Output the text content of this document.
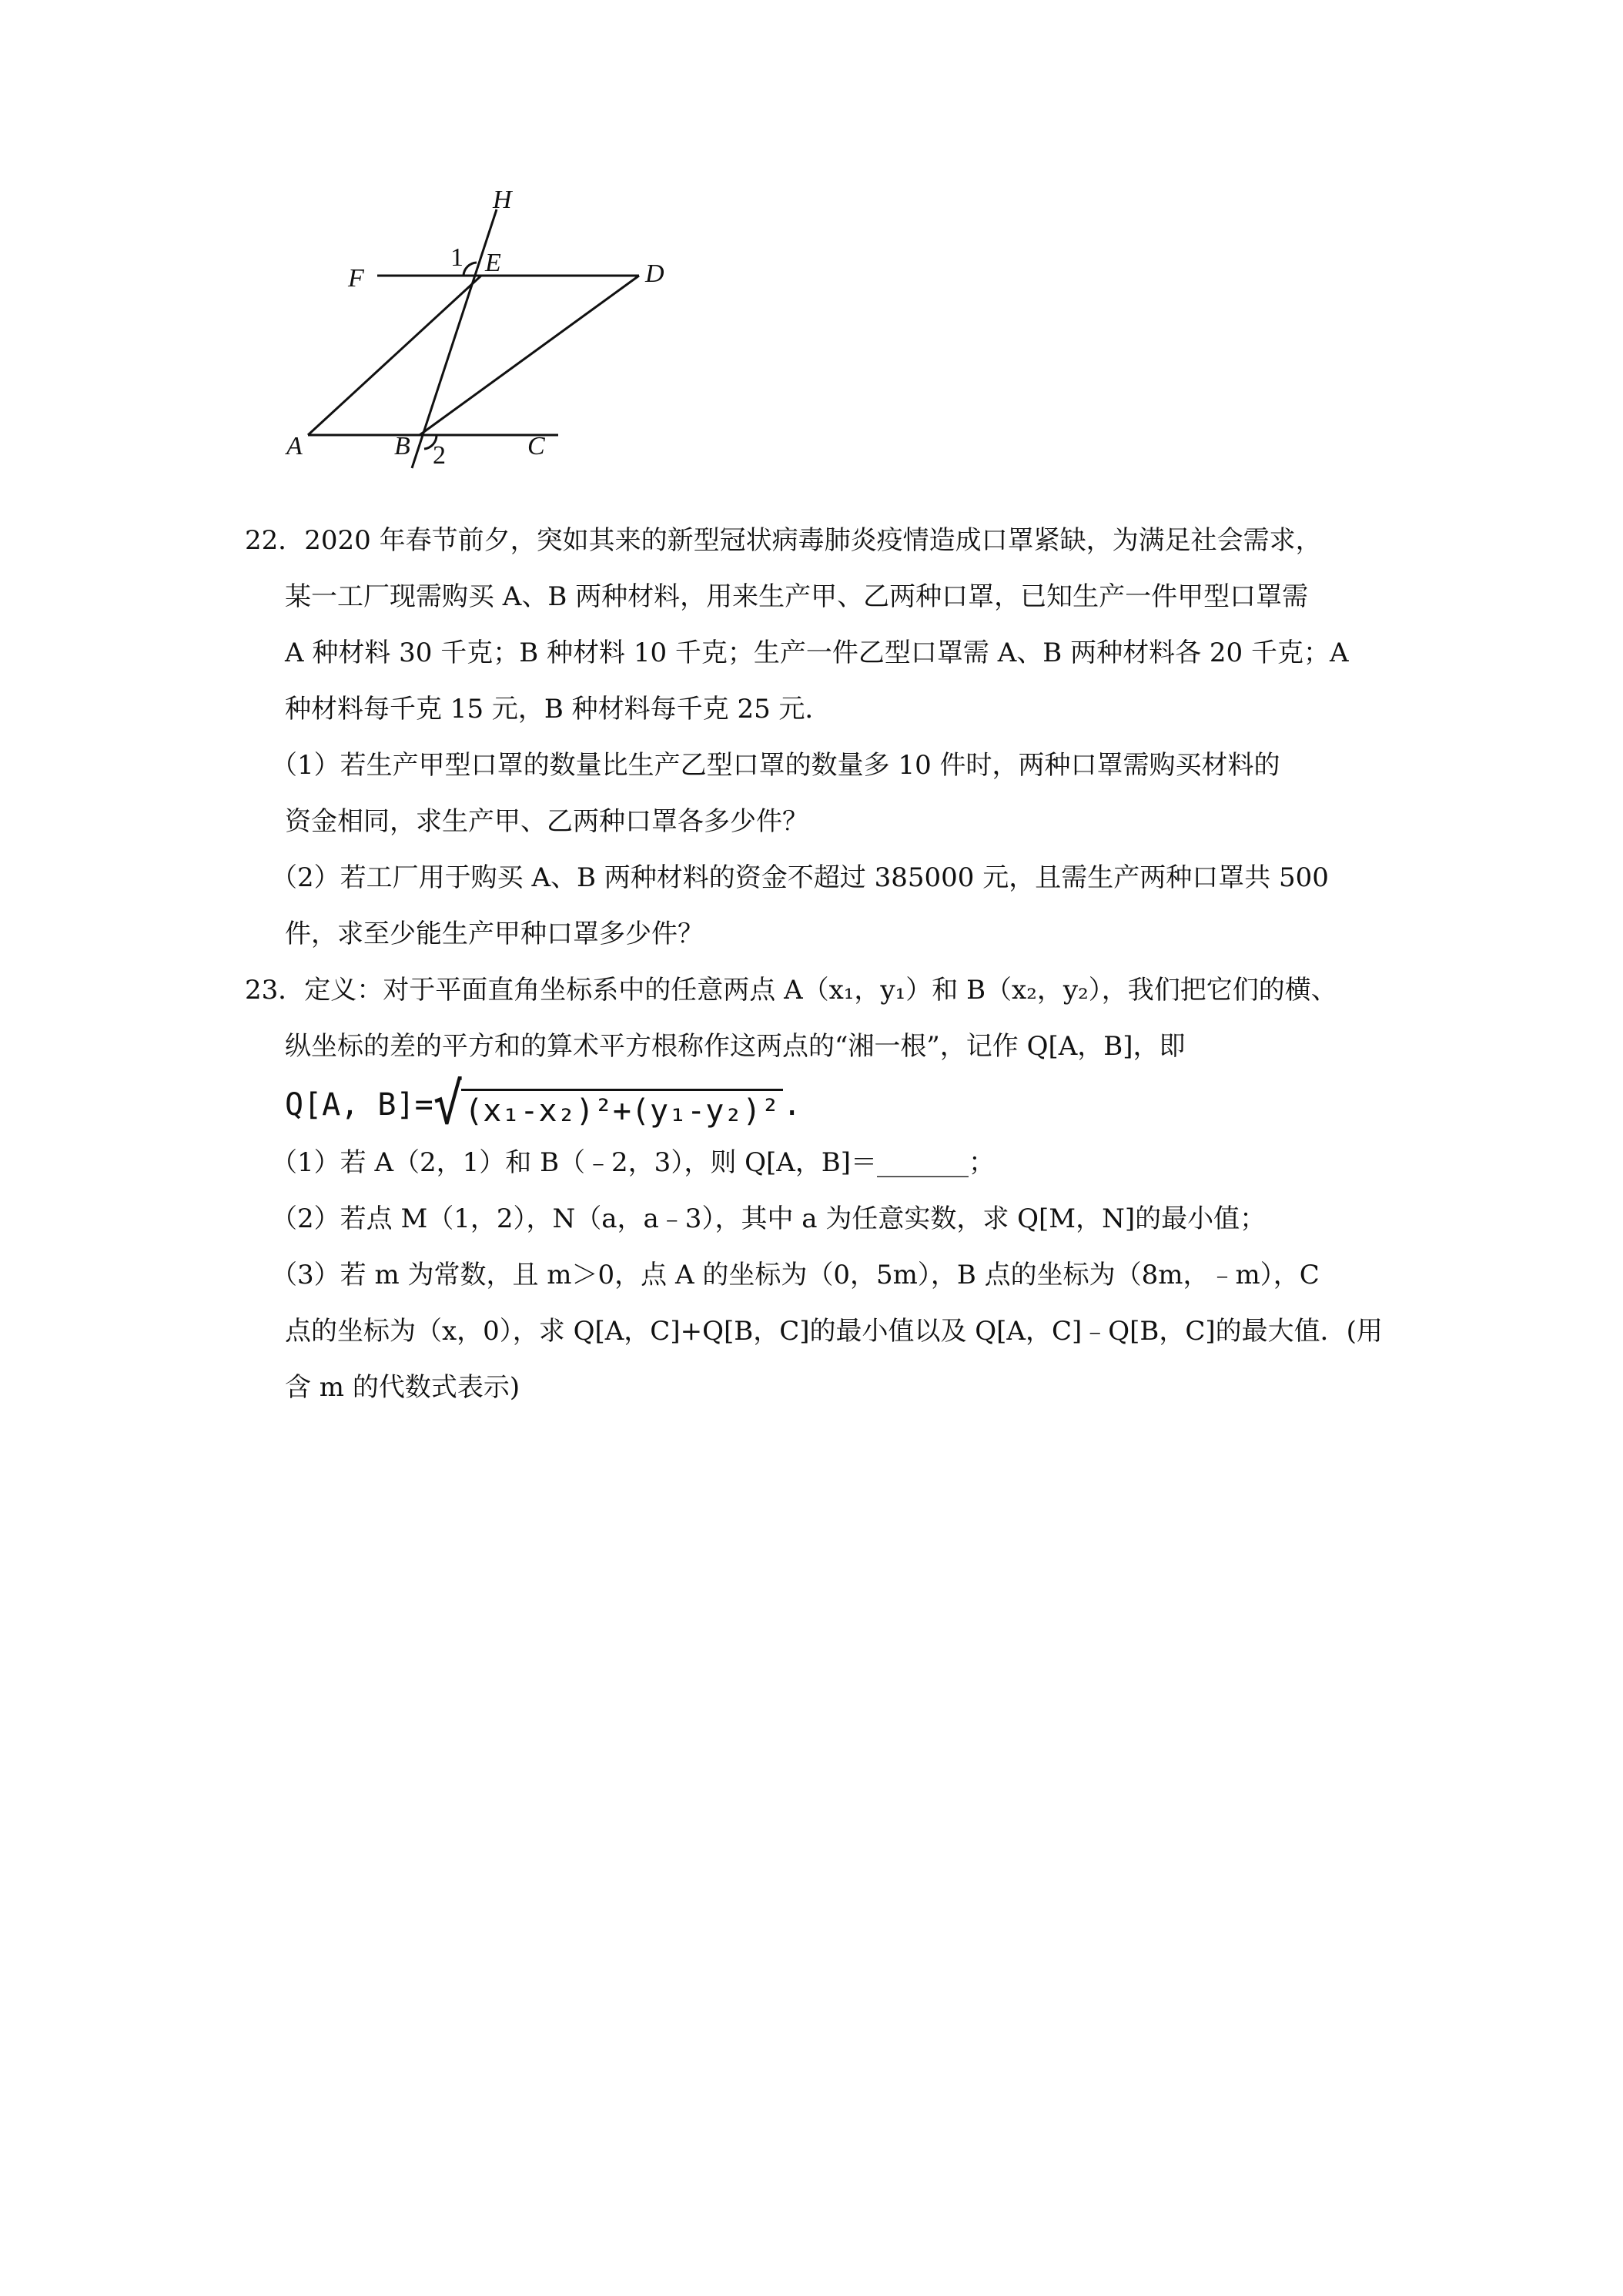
H
1 E
F	D
A	B 2	C
22．2020 年春节前夕，突如其来的新型冠状病毒肺炎疫情造成口罩紧缺，为满足社会需求，
某一工厂现需购买 A、B 两种材料，用来生产甲、乙两种口罩，已知生产一件甲型口罩需
A 种材料 30 千克；B 种材料 10 千克；生产一件乙型口罩需 A、B 两种材料各 20 千克；A
种材料每千克 15 元，B 种材料每千克 25 元．
（1）若生产甲型口罩的数量比生产乙型口罩的数量多 10 件时，两种口罩需购买材料的
资金相同，求生产甲、乙两种口罩各多少件？
（2）若工厂用于购买 A、B 两种材料的资金不超过 385000 元，且需生产两种口罩共 500
件，求至少能生产甲种口罩多少件？
23．定义：对于平面直角坐标系中的任意两点 A（x₁，y₁）和 B（x₂，y₂），我们把它们的横、
纵坐标的差的平方和的算术平方根称作这两点的“湘一根”，记作 Q[A，B]，即
Q[A, B]= √ (x₁-x₂)²+(y₁-y₂)² .
（1）若 A（2，1）和 B（﹣2，3），则 Q[A，B]＝_______；
（2）若点 M（1，2），N（a，a﹣3），其中 a 为任意实数，求 Q[M，N]的最小值；
（3）若 m 为常数，且 m＞0，点 A 的坐标为（0，5m），B 点的坐标为（8m，﹣m），C
点的坐标为（x，0），求 Q[A，C]+Q[B，C]的最小值以及 Q[A，C]﹣Q[B，C]的最大值．(用
含 m 的代数式表示)
